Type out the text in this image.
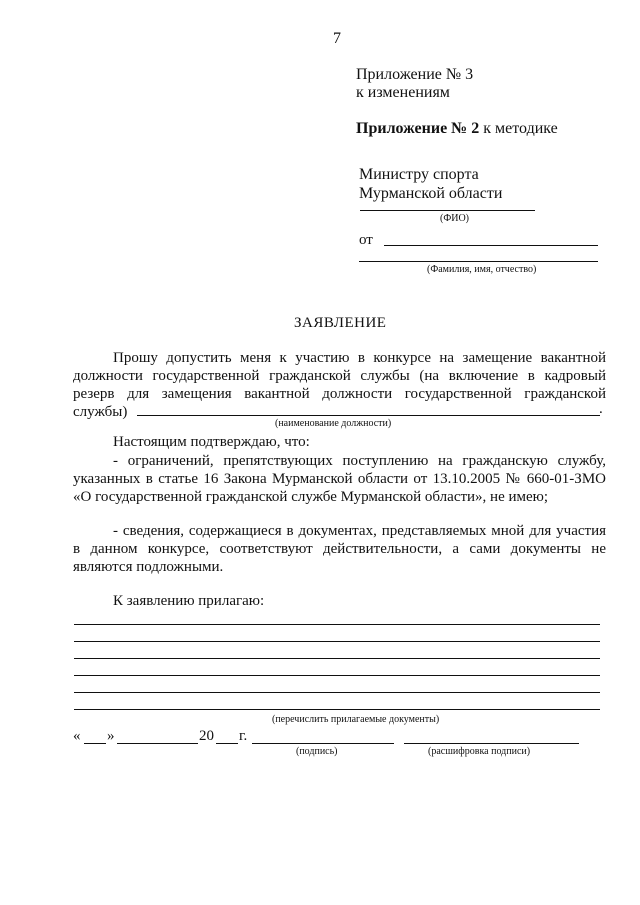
7
Приложение № 3
к изменениям
Приложение № 2 к методике
Министру спорта
Мурманской области
(ФИО)
от
(Фамилия, имя, отчество)
ЗАЯВЛЕНИЕ
Прошу допустить меня к участию в конкурсе на замещение вакантной должности государственной гражданской службы (на включение в кадровый резерв для замещения вакантной должности государственной гражданской службы)	.
(наименование должности)
Настоящим подтверждаю, что:
- ограничений, препятствующих поступлению на гражданскую службу, указанных в статье 16 Закона Мурманской области от 13.10.2005 № 660-01-ЗМО «О государственной гражданской службе Мурманской области», не имею;
- сведения, содержащиеся в документах, представляемых мной для участия в данном конкурсе, соответствуют действительности, а сами документы не являются подложными.
К заявлению прилагаю:
(перечислить прилагаемые документы)
« »	20 г.
(подпись)	(расшифровка подписи)
